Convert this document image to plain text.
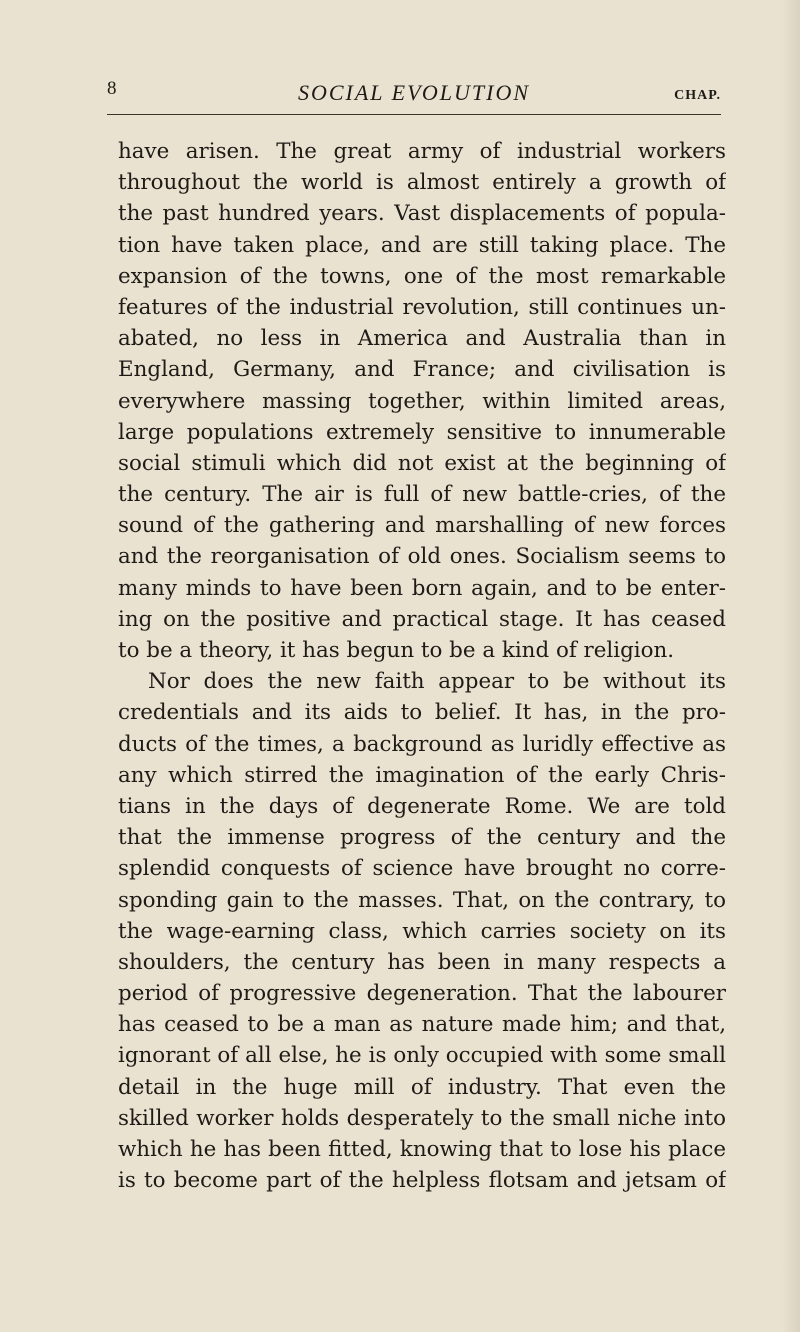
8	SOCIAL EVOLUTION	CHAP.
have arisen. The great army of industrial workers
throughout the world is almost entirely a growth of
the past hundred years. Vast displacements of popula-
tion have taken place, and are still taking place. The
expansion of the towns, one of the most remarkable
features of the industrial revolution, still continues un-
abated, no less in America and Australia than in
England, Germany, and France; and civilisation is
everywhere massing together, within limited areas,
large populations extremely sensitive to innumerable
social stimuli which did not exist at the beginning of
the century. The air is full of new battle-cries, of the
sound of the gathering and marshalling of new forces
and the reorganisation of old ones. Socialism seems to
many minds to have been born again, and to be enter-
ing on the positive and practical stage. It has ceased
to be a theory, it has begun to be a kind of religion.
Nor does the new faith appear to be without its
credentials and its aids to belief. It has, in the pro-
ducts of the times, a background as luridly effective as
any which stirred the imagination of the early Chris-
tians in the days of degenerate Rome. We are told
that the immense progress of the century and the
splendid conquests of science have brought no corre-
sponding gain to the masses. That, on the contrary, to
the wage-earning class, which carries society on its
shoulders, the century has been in many respects a
period of progressive degeneration. That the labourer
has ceased to be a man as nature made him; and that,
ignorant of all else, he is only occupied with some small
detail in the huge mill of industry. That even the
skilled worker holds desperately to the small niche into
which he has been fitted, knowing that to lose his place
is to become part of the helpless flotsam and jetsam of
